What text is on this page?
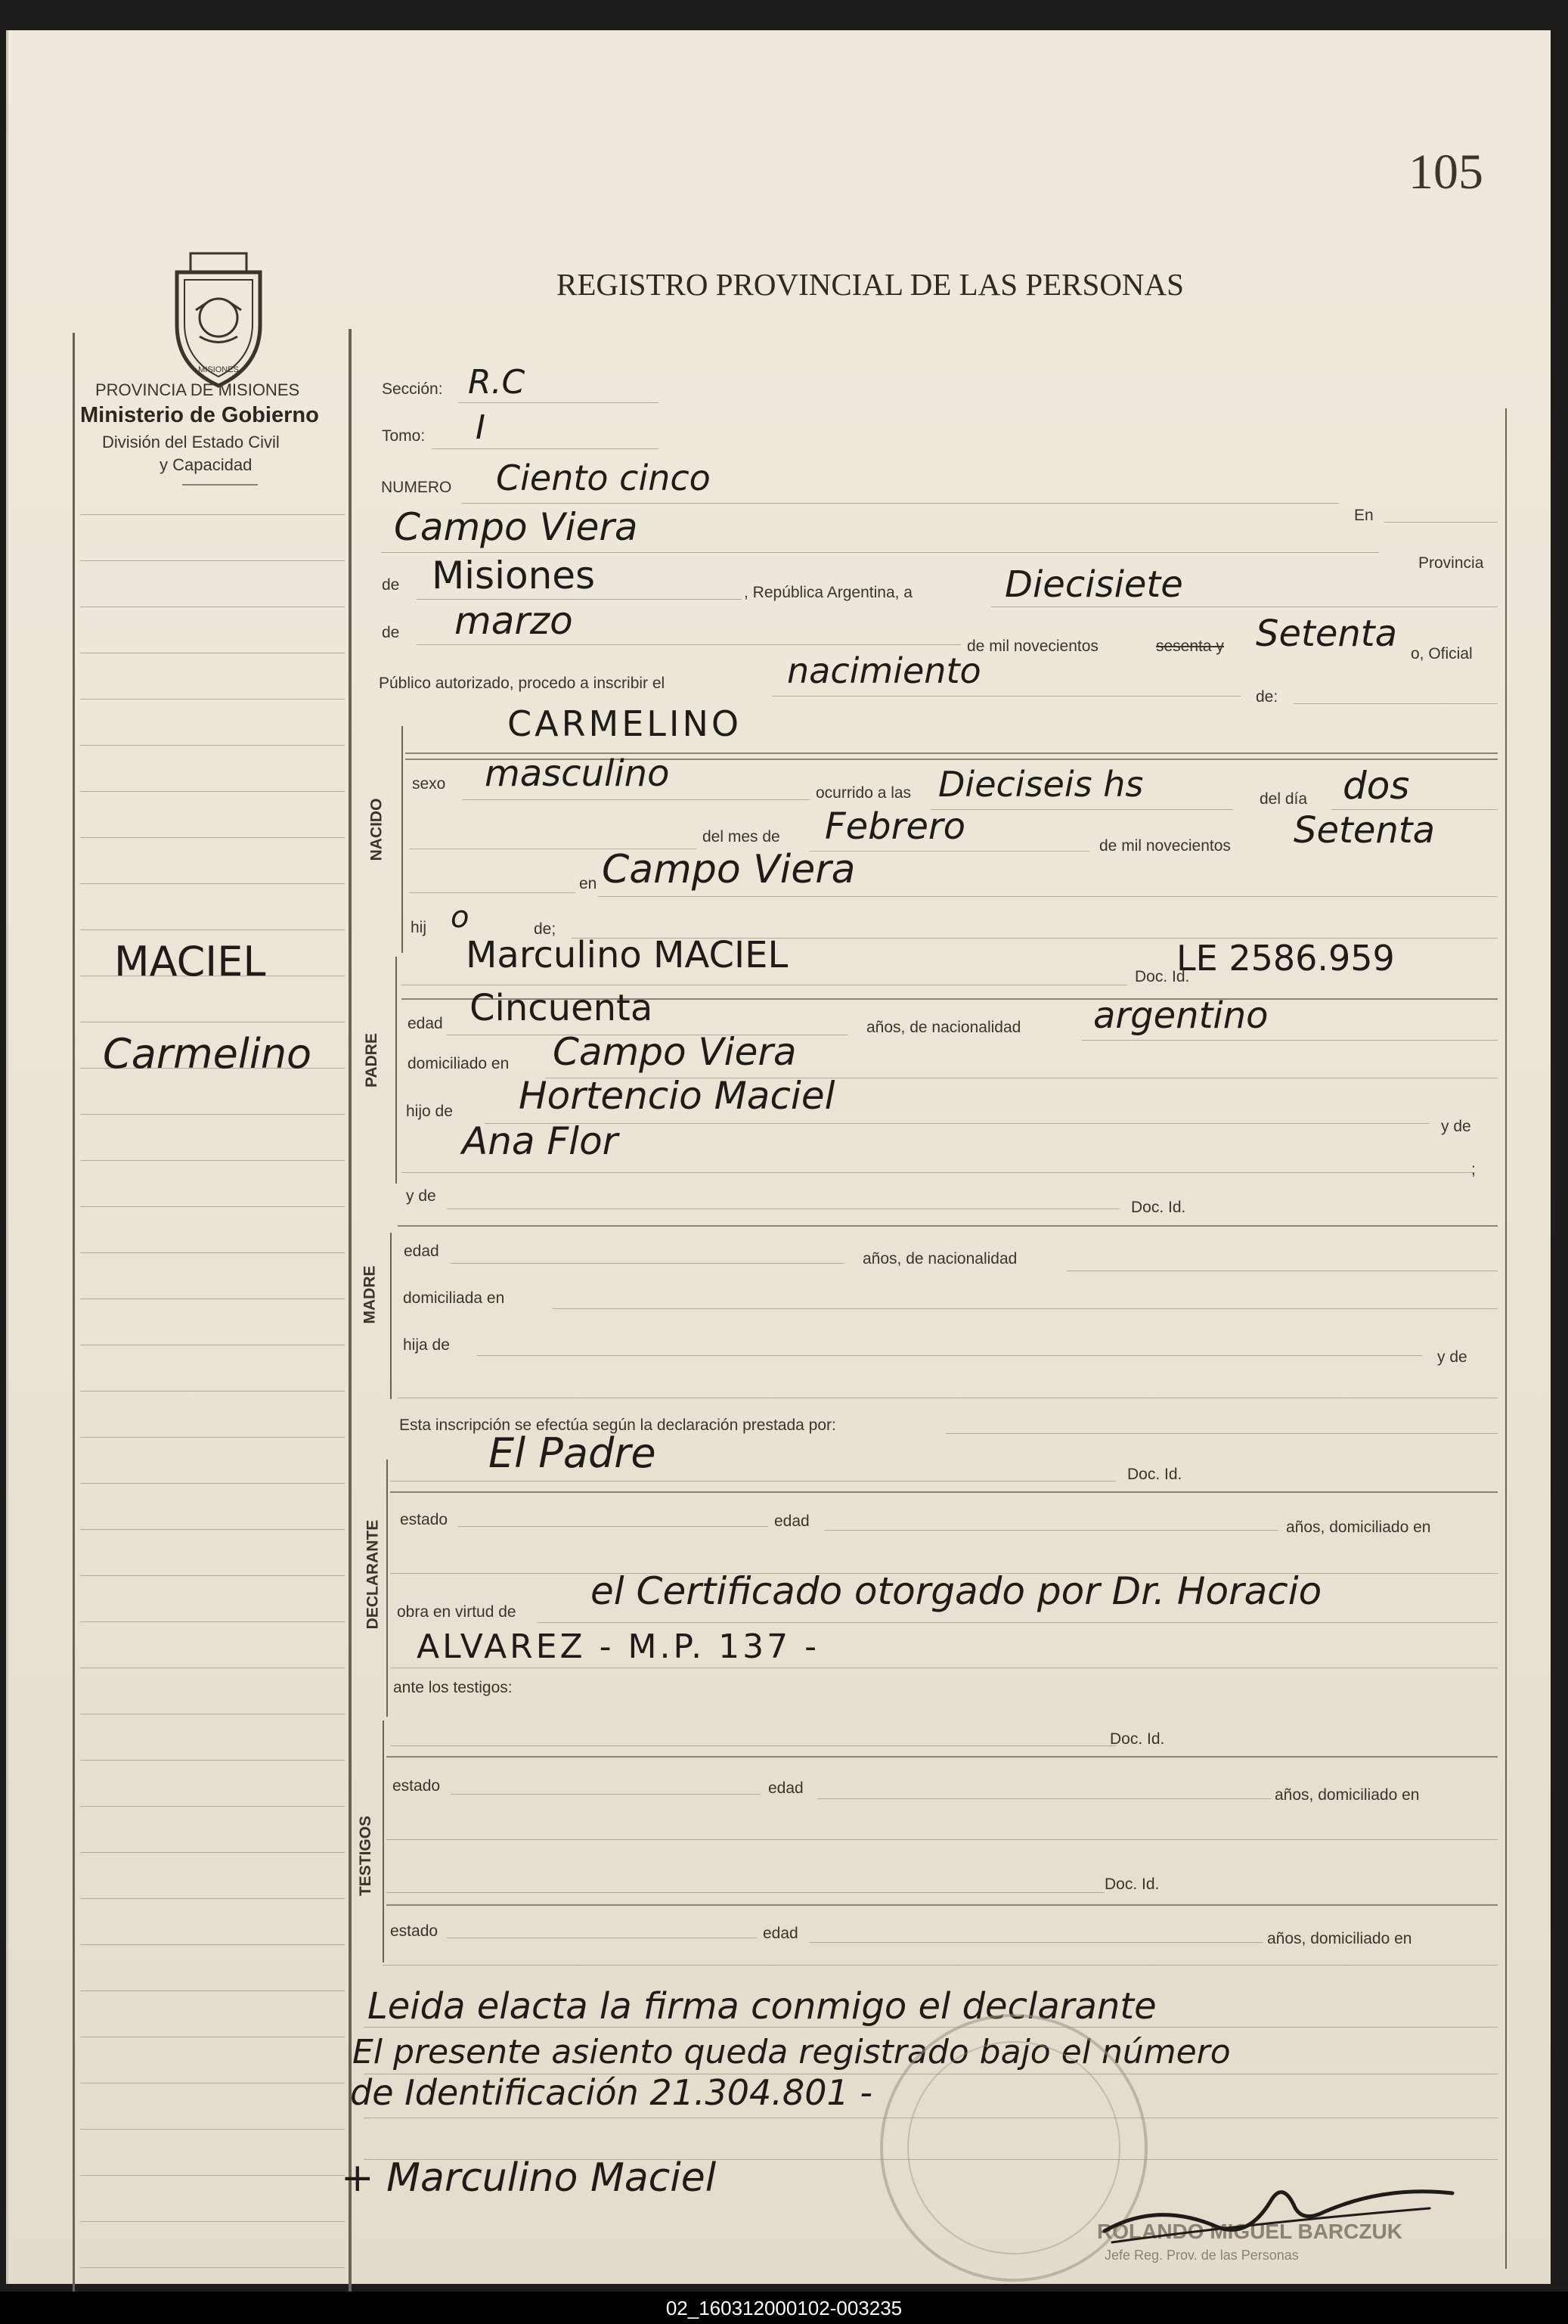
105
MISIONES
PROVINCIA DE MISIONES
Ministerio de Gobierno
División del Estado Civil
y Capacidad
REGISTRO PROVINCIAL DE LAS PERSONAS
MACIEL
Carmelino
Sección: R.C
Tomo: I
NUMERO Ciento cinco
En
Campo Viera
Provincia
de Misiones	, República Argentina, a	Diecisiete
de marzo
de mil novecientos	sesenta y Setenta o, Oficial
Público autorizado, procedo a inscribir el	nacimiento
de:
NACIDO
CARMELINO
sexo masculino	ocurrido a las Dieciseis hs	del día dos
del mes de Febrero	de mil novecientos Setenta
en Campo Viera
hij o	de;
PADRE
Marculino MACIEL
Doc. Id.
LE 2586.959
edad Cincuenta	años, de nacionalidad argentino
domiciliado en Campo Viera
hijo de Hortencio Maciel
y de
Ana Flor
;
y de
Doc. Id.
MADRE
edad	años, de nacionalidad
domiciliada en
hija de
y de
Esta inscripción se efectúa según la declaración prestada por:
DECLARANTE
El Padre	Doc. Id.
estado	edad	años, domiciliado en
obra en virtud de el Certificado otorgado por Dr. Horacio
ALVAREZ - M.P. 137 -
ante los testigos:
TESTIGOS
Doc. Id.
estado	edad	años, domiciliado en
Doc. Id.
estado	edad	años, domiciliado en
Leida elacta la firma conmigo el declarante
El presente asiento queda registrado bajo el número
de Identificación 21.304.801 -
ROLANDO MIGUEL BARCZUK
Jefe Reg. Prov. de las Personas
+ Marculino Maciel
02_160312000102-003235
